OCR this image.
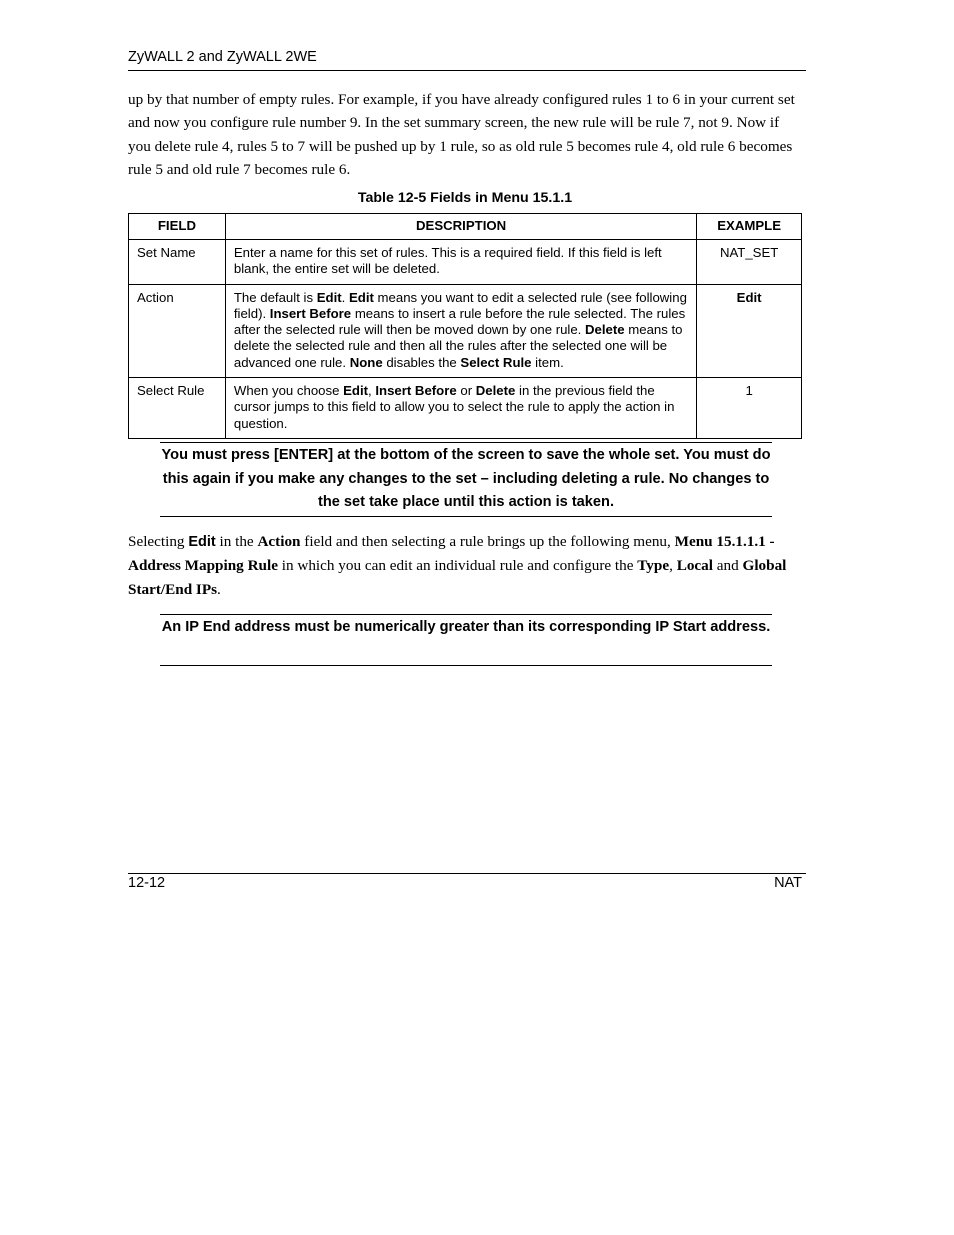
ZyWALL 2 and ZyWALL 2WE
up by that number of empty rules. For example, if you have already configured rules 1 to 6 in your current set and now you configure rule number 9. In the set summary screen, the new rule will be rule 7, not 9. Now if you delete rule 4, rules 5 to 7 will be pushed up by 1 rule, so as old rule 5 becomes rule 4, old rule 6 becomes rule 5 and old rule 7 becomes rule 6.
Table 12-5 Fields in Menu 15.1.1
FIELD	DESCRIPTION	EXAMPLE
Set Name	Enter a name for this set of rules. This is a required field. If this field is left blank, the entire set will be deleted.	NAT_SET
Action	The default is Edit. Edit means you want to edit a selected rule (see following field). Insert Before means to insert a rule before the rule selected. The rules after the selected rule will then be moved down by one rule. Delete means to delete the selected rule and then all the rules after the selected one will be advanced one rule. None disables the Select Rule item.	Edit
Select Rule	When you choose Edit, Insert Before or Delete in the previous field the cursor jumps to this field to allow you to select the rule to apply the action in question.	1
You must press [ENTER] at the bottom of the screen to save the whole set. You must do this again if you make any changes to the set – including deleting a rule. No changes to the set take place until this action is taken.
Selecting Edit in the Action field and then selecting a rule brings up the following menu, Menu 15.1.1.1 - Address Mapping Rule in which you can edit an individual rule and configure the Type, Local and Global Start/End IPs.
An IP End address must be numerically greater than its corresponding IP Start address.
12-12	NAT
